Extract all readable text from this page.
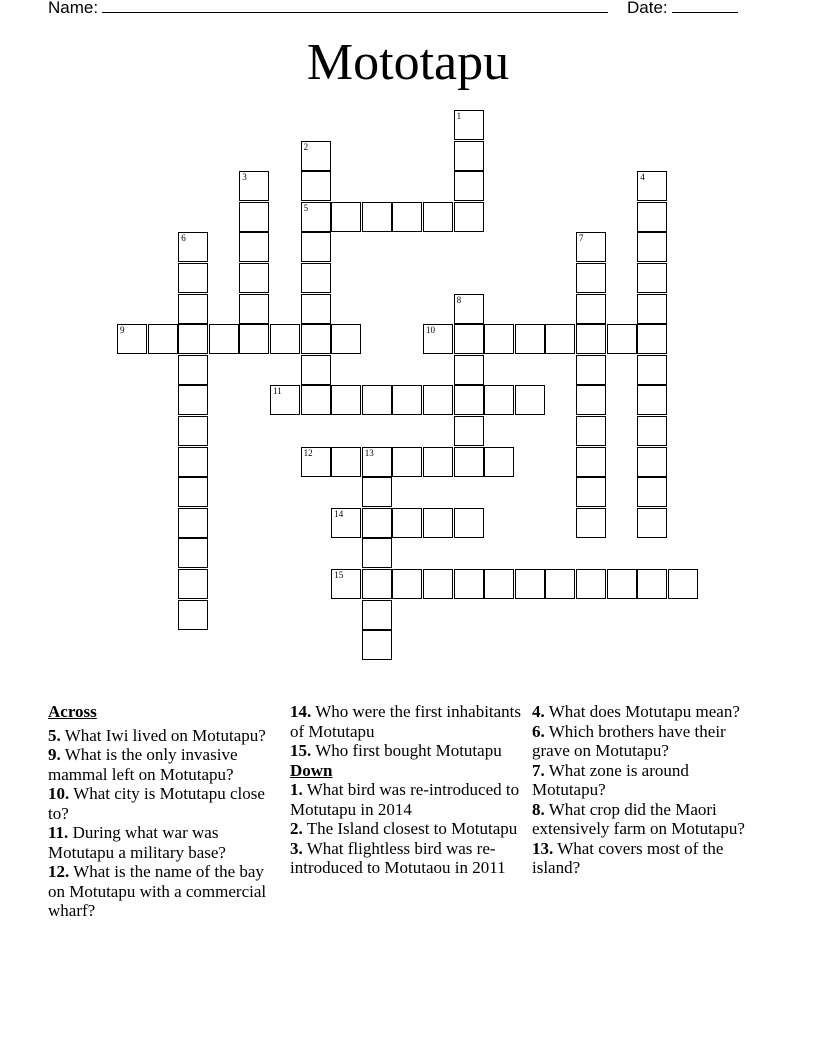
Name:	Date:
Mototapu
1
2
5
3	4
6	7
8
9	10
11
12	13
14
15
Across
5. What Iwi lived on Motutapu?
9. What is the only invasive mammal left on Motutapu?
10. What city is Motutapu close to?
11. During what war was Motutapu a military base?
12. What is the name of the bay on Motutapu with a commercial wharf?
14. Who were the first inhabitants of Motutapu
15. Who first bought Motutapu
Down
1. What bird was re-introduced to Motutapu in 2014
2. The Island closest to Motutapu
3. What flightless bird was re-introduced to Motutaou in 2011
4. What does Motutapu mean?
6. Which brothers have their grave on Motutapu?
7. What zone is around Motutapu?
8. What crop did the Maori extensively farm on Motutapu?
13. What covers most of the island?
